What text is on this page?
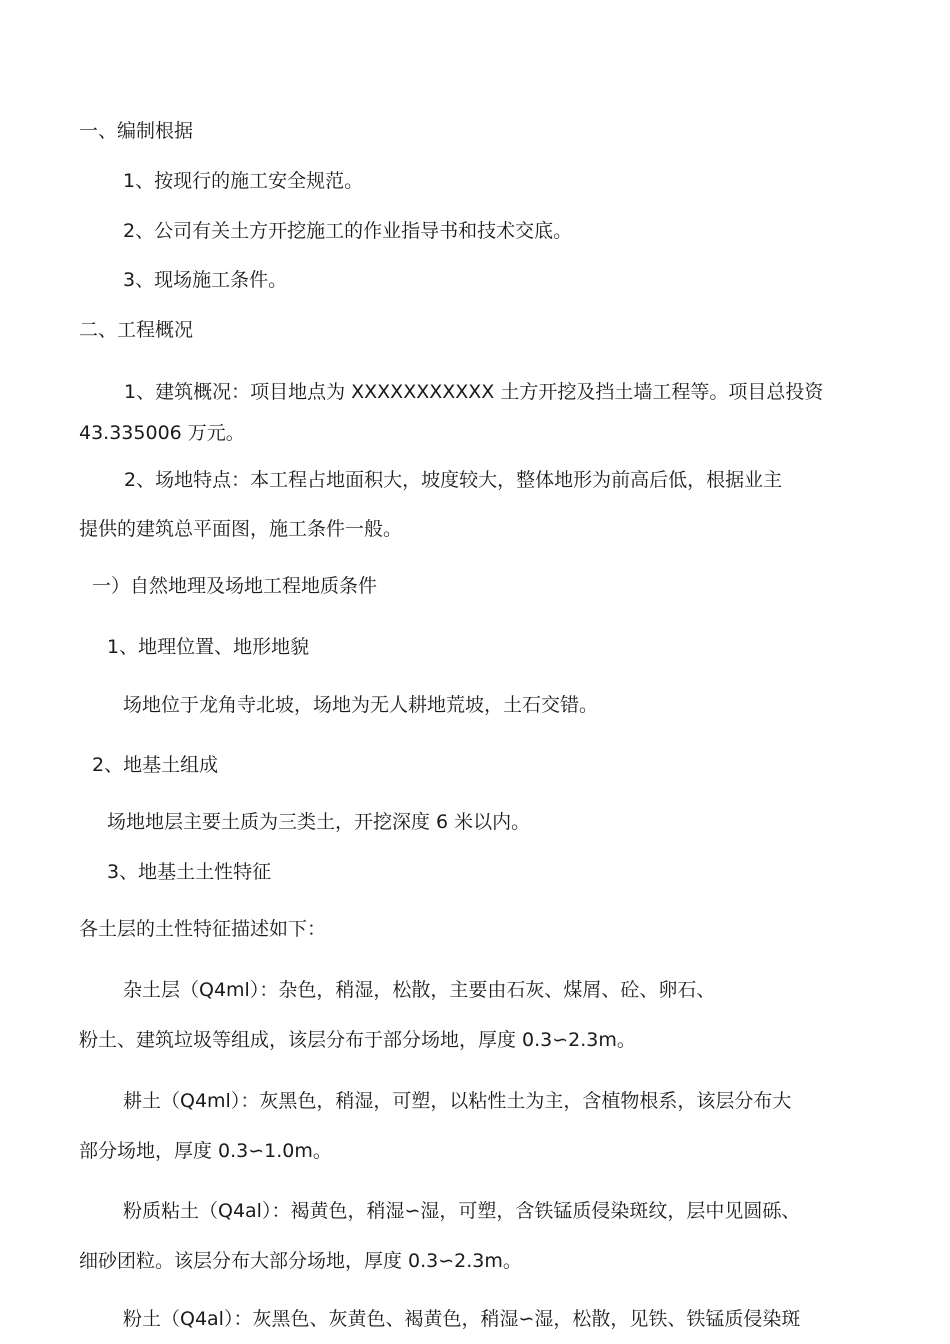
一、编制根据

1、按现行的施工安全规范。

2、公司有关土方开挖施工的作业指导书和技术交底。

3、现场施工条件。

二、工程概况

1、建筑概况：项目地点为 XXXXXXXXXXX 土方开挖及挡土墙工程等。项目总投资

43.335006 万元。

2、场地特点：本工程占地面积大，坡度较大，整体地形为前高后低，根据业主

提供的建筑总平面图，施工条件一般。

一）自然地理及场地工程地质条件

1、地理位置、地形地貌

场地位于龙角寺北坡，场地为无人耕地荒坡，土石交错。

2、地基土组成

场地地层主要土质为三类土，开挖深度 6 米以内。

3、地基土土性特征

各土层的土性特征描述如下：

杂土层（Q4ml）：杂色，稍湿，松散，主要由石灰、煤屑、砼、卵石、

粉土、建筑垃圾等组成，该层分布于部分场地，厚度 0.3∽2.3m。

耕土（Q4ml）：灰黑色，稍湿，可塑，以粘性土为主，含植物根系，该层分布大

部分场地，厚度 0.3∽1.0m。

粉质粘土（Q4al）：褐黄色，稍湿∽湿，可塑，含铁锰质侵染斑纹，层中见圆砾、

细砂团粒。该层分布大部分场地，厚度 0.3∽2.3m。

粉土（Q4al）：灰黑色、灰黄色、褐黄色，稍湿∽湿，松散，见铁、铁锰质侵染斑
